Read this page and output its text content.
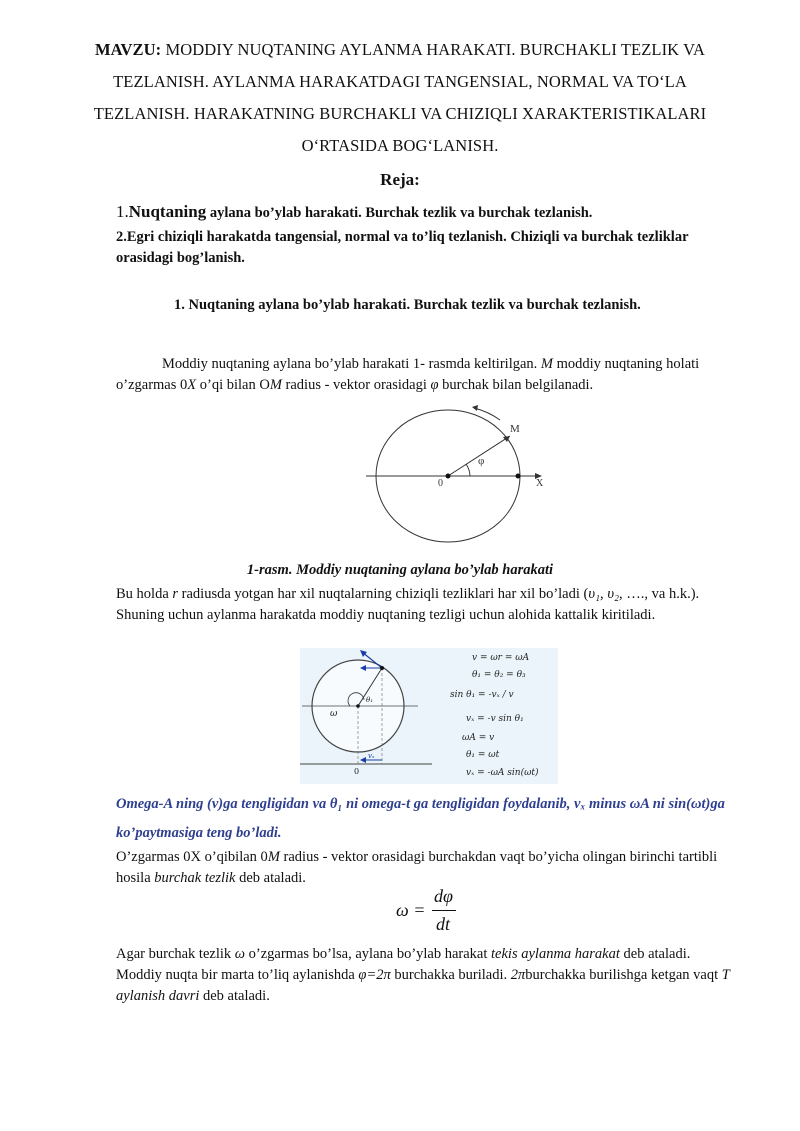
MAVZU: MODDIY NUQTANING AYLANMA HARAKATI. BURCHAKLI TEZLIK VA TEZLANISH. AYLANMA HARAKATDAGI TANGENSIAL, NORMAL VA TO‘LA TEZLANISH. HARAKATNING BURCHAKLI VA CHIZIQLI XARAKTERISTIKALARI O‘RTASIDA BOG‘LANISH.
Reja:
1.Nuqtaning aylana bo’ylab harakati. Burchak tezlik va burchak tezlanish.
2.Egri chiziqli harakatda tangensial, normal va to’liq tezlanish. Chiziqli va burchak tezliklar orasidagi bog’lanish.
1. Nuqtaning aylana bo’ylab harakati. Burchak tezlik va burchak tezlanish.
Moddiy nuqtaning aylana bo’ylab harakati 1- rasmda keltirilgan. M moddiy nuqtaning holati o’zgarmas 0X o’qi bilan OM radius - vektor orasidagi φ burchak bilan belgilanadi.
M
φ
0	X
1-rasm. Moddiy nuqtaning aylana bo’ylab harakati
Bu holda r radiusda yotgan har xil nuqtalarning chiziqli tezliklari har xil bo’ladi (υ₁, υ₂, …., va h.k.). Shuning uchun aylanma harakatda moddiy nuqtaning tezligi uchun alohida kattalik kiritiladi.
ω
θ₁
0
vₓ
v = ωr = ωA
θ₁ = θ₂ = θ₃
sin θ₁ = -vₓ / v
vₓ = -v sin θ₁
ωA = v
θ₁ = ωt
vₓ = -ωA sin(ωt)
Omega-A ning (v)ga tengligidan va θ₁ ni omega-t ga tengligidan foydalanib, vₓ minus ωA ni sin(ωt)ga ko’paytmasiga teng bo’ladi.
O’zgarmas 0X o’qibilan 0M radius - vektor orasidagi burchakdan vaqt bo’yicha olingan birinchi tartibli hosila burchak tezlik deb ataladi.
ω =
dφ
dt
Agar burchak tezlik ω o’zgarmas bo’lsa, aylana bo’ylab harakat tekis aylanma harakat deb ataladi. Moddiy nuqta bir marta to’liq aylanishda φ=2π burchakka buriladi. 2πburchakka burilishga ketgan vaqt T aylanish davri deb ataladi.
